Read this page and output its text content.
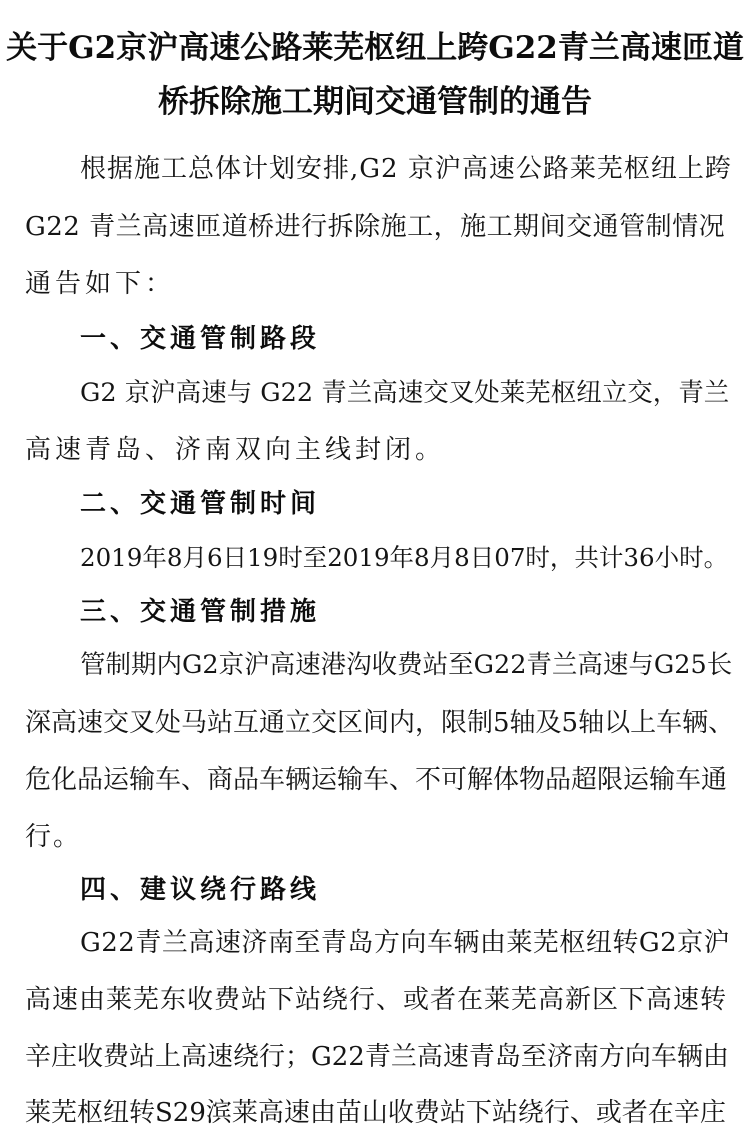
关于G2京沪高速公路莱芜枢纽上跨G22青兰高速匝道
桥拆除施工期间交通管制的通告
根据施工总体计划安排,G2 京沪高速公路莱芜枢纽上跨
G22 青兰高速匝道桥进行拆除施工，施工期间交通管制情况
通告如下：
一、交通管制路段
G2 京沪高速与 G22 青兰高速交叉处莱芜枢纽立交，青兰
高速青岛、济南双向主线封闭。
二、交通管制时间
2019年8月6日19时至2019年8月8日07时，共计36小时。
三、交通管制措施
管制期内G2京沪高速港沟收费站至G22青兰高速与G25长
深高速交叉处马站互通立交区间内，限制5轴及5轴以上车辆、
危化品运输车、商品车辆运输车、不可解体物品超限运输车通
行。
四、建议绕行路线
G22青兰高速济南至青岛方向车辆由莱芜枢纽转G2京沪
高速由莱芜东收费站下站绕行、或者在莱芜高新区下高速转
辛庄收费站上高速绕行；G22青兰高速青岛至济南方向车辆由
莱芜枢纽转S29滨莱高速由苗山收费站下站绕行、或者在辛庄
